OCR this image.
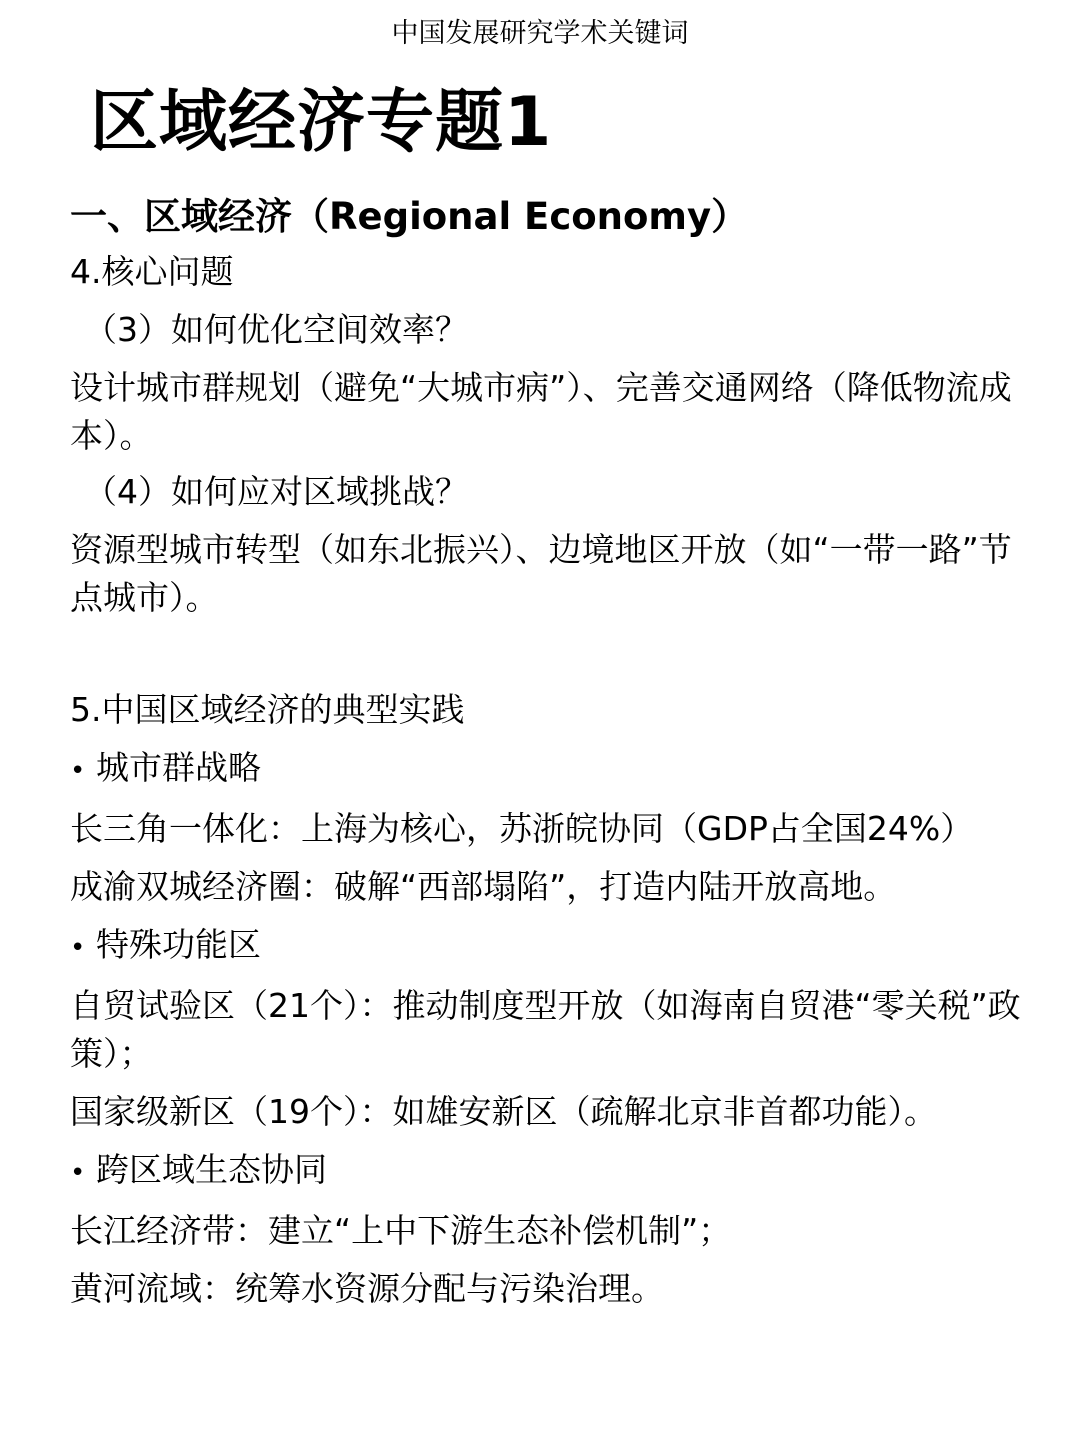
中国发展研究学术关键词
区域经济专题1
一、区域经济（Regional Economy）

4.核心问题

（3）如何优化空间效率？

设计城市群规划（避免“大城市病”）、完善交通网络（降低物流成本）。

（4）如何应对区域挑战？

资源型城市转型（如东北振兴）、边境地区开放（如“一带一路”节点城市）。

5.中国区域经济的典型实践

• 城市群战略

长三角一体化：上海为核心，苏浙皖协同（GDP占全国24%）

成渝双城经济圈：破解“西部塌陷”，打造内陆开放高地。

• 特殊功能区

自贸试验区（21个）：推动制度型开放（如海南自贸港“零关税”政策）；

国家级新区（19个）：如雄安新区（疏解北京非首都功能）。

• 跨区域生态协同

长江经济带：建立“上中下游生态补偿机制”；

黄河流域：统筹水资源分配与污染治理。
